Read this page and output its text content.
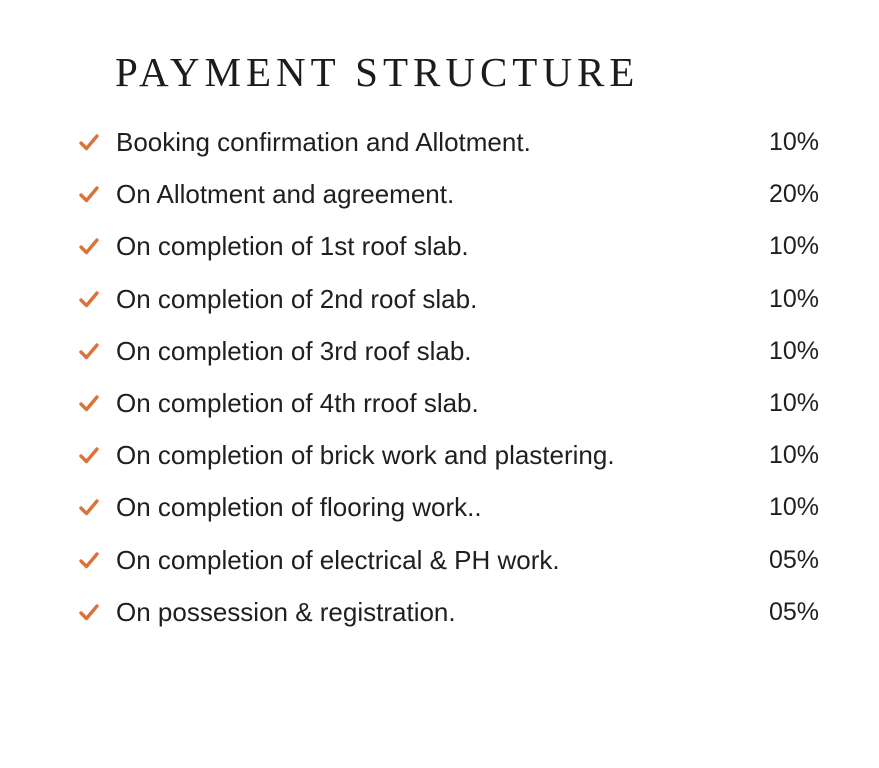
PAYMENT STRUCTURE
Booking confirmation and Allotment.	10%
On Allotment and agreement.	20%
On completion of 1st roof slab.	10%
On completion of 2nd roof slab.	10%
On completion of 3rd roof slab.	10%
On completion of 4th rroof slab.	10%
On completion of brick work and plastering.	10%
On completion of flooring work..	10%
On completion of electrical & PH work.	05%
On possession & registration.	05%
